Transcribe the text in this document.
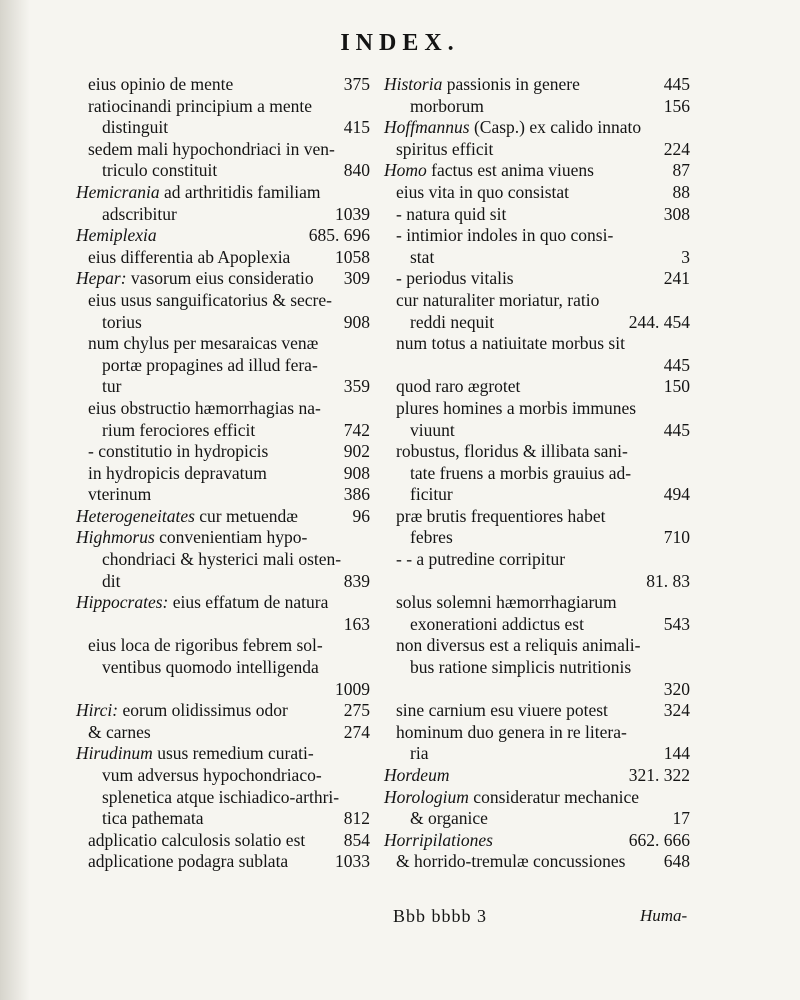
INDEX.
eius opinio de mente	375
ratiocinandi principium a mente
distinguit	415
sedem mali hypochondriaci in ven-
triculo constituit	840
Hemicrania ad arthritidis familiam
adscribitur	1039
Hemiplexia	685. 696
eius differentia ab Apoplexia	1058
Hepar: vasorum eius consideratio 309
eius usus sanguificatorius & secre-
torius	908
num chylus per mesaraicas venæ
portæ propagines ad illud fera-
tur	359
eius obstructio hæmorrhagias na-
rium ferociores efficit	742
- constitutio in hydropicis	902
in hydropicis depravatum	908
vterinum	386
Heterogeneitates cur metuendæ	96
Highmorus convenientiam hypo-
chondriaci & hysterici mali osten-
dit	839
Hippocrates: eius effatum de natura
163
eius loca de rigoribus febrem sol-
ventibus quomodo intelligenda
1009
Hirci: eorum olidissimus odor	275
& carnes	274
Hirudinum usus remedium curati-
vum adversus hypochondriaco-
splenetica atque ischiadico-arthri-
tica pathemata	812
adplicatio calculosis solatio est 854
adplicatione podagra sublata	1033
Historia passionis in genere	445
morborum	156
Hoffmannus (Casp.) ex calido innato
spiritus efficit	224
Homo factus est anima viuens	87
eius vita in quo consistat	88
- natura quid sit	308
- intimior indoles in quo consi-
stat	3
- periodus vitalis	241
cur naturaliter moriatur, ratio
reddi nequit	244. 454
num totus a natiuitate morbus sit
445
quod raro ægrotet	150
plures homines a morbis immunes
viuunt	445
robustus, floridus & illibata sani-
tate fruens a morbis grauius ad-
ficitur	494
præ brutis frequentiores habet
febres	710
- - a putredine corripitur
81. 83
solus solemni hæmorrhagiarum
exonerationi addictus est	543
non diversus est a reliquis animali-
bus ratione simplicis nutritionis
320
sine carnium esu viuere potest	324
hominum duo genera in re litera-
ria	144
Hordeum	321. 322
Horologium consideratur mechanice
& organice	17
Horripilationes	662. 666
& horrido-tremulæ concussiones 648
Bbb bbbb 3	Huma-
